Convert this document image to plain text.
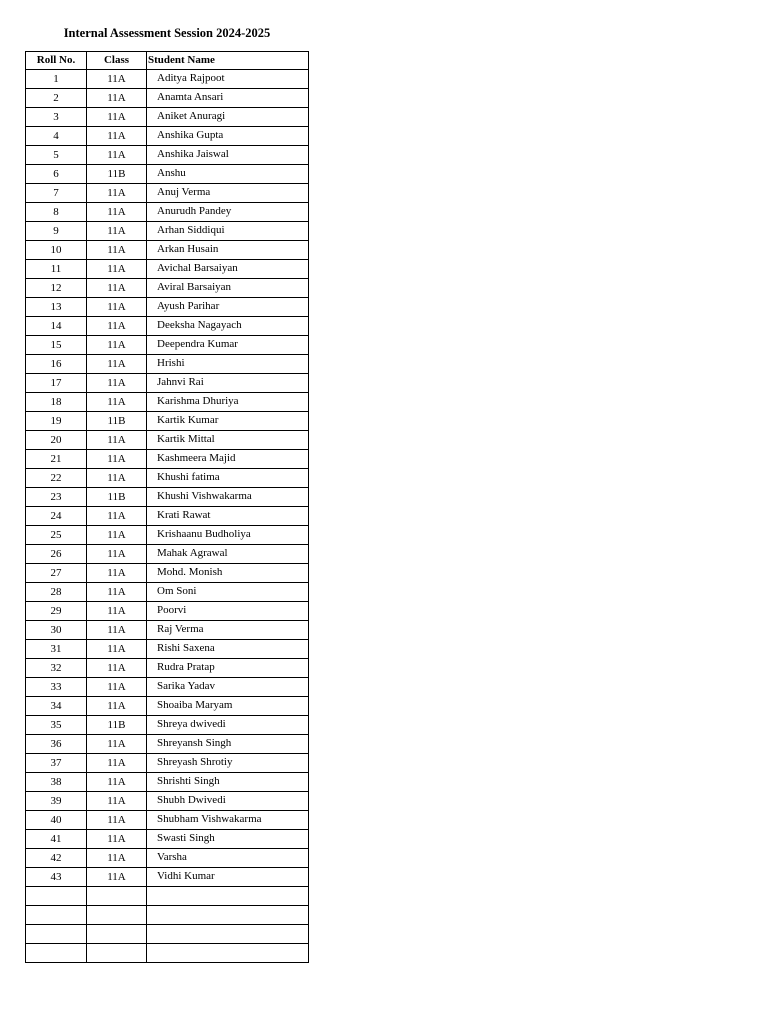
Internal Assessment Session 2024-2025
Roll No.	Class	Student Name
1	11A	Aditya Rajpoot
2	11A	Anamta Ansari
3	11A	Aniket Anuragi
4	11A	Anshika Gupta
5	11A	Anshika Jaiswal
6	11B	Anshu
7	11A	Anuj Verma
8	11A	Anurudh Pandey
9	11A	Arhan Siddiqui
10	11A	Arkan Husain
11	11A	Avichal Barsaiyan
12	11A	Aviral Barsaiyan
13	11A	Ayush Parihar
14	11A	Deeksha Nagayach
15	11A	Deependra Kumar
16	11A	Hrishi
17	11A	Jahnvi Rai
18	11A	Karishma Dhuriya
19	11B	Kartik Kumar
20	11A	Kartik Mittal
21	11A	Kashmeera Majid
22	11A	Khushi fatima
23	11B	Khushi Vishwakarma
24	11A	Krati Rawat
25	11A	Krishaanu Budholiya
26	11A	Mahak Agrawal
27	11A	Mohd. Monish
28	11A	Om Soni
29	11A	Poorvi
30	11A	Raj Verma
31	11A	Rishi Saxena
32	11A	Rudra Pratap
33	11A	Sarika Yadav
34	11A	Shoaiba Maryam
35	11B	Shreya dwivedi
36	11A	Shreyansh Singh
37	11A	Shreyash Shrotiy
38	11A	Shrishti Singh
39	11A	Shubh Dwivedi
40	11A	Shubham Vishwakarma
41	11A	Swasti Singh
42	11A	Varsha
43	11A	Vidhi Kumar
